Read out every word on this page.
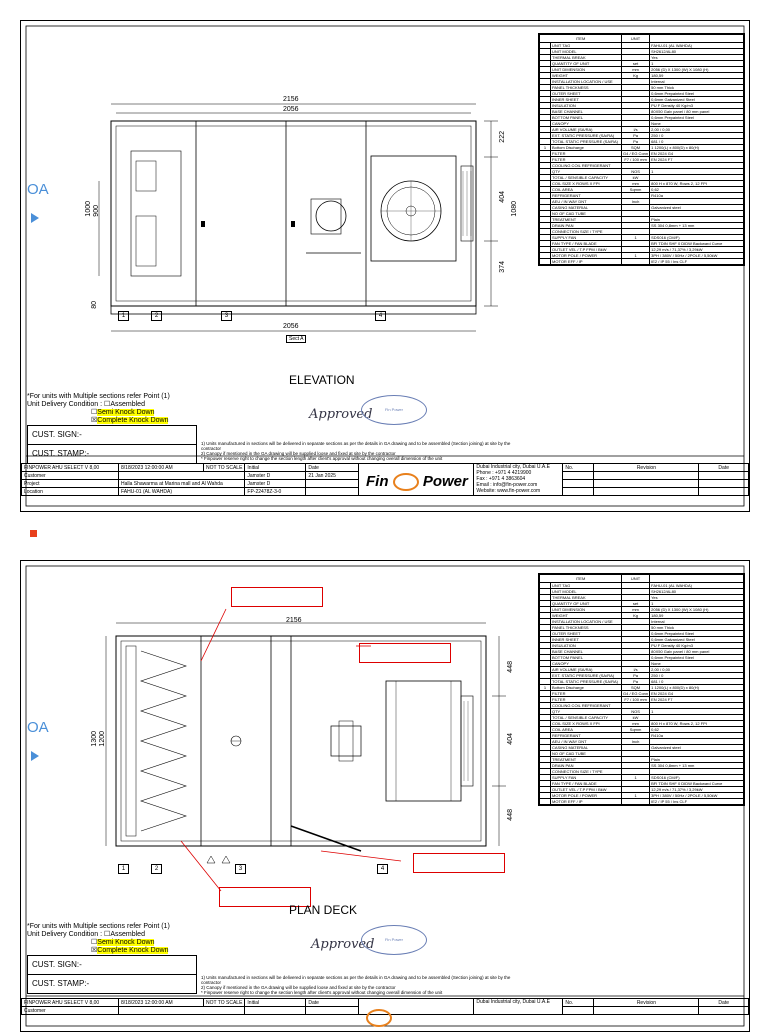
OA
2156
2056
2056
1000 900
80
222
404
374
1080
1	2	3	4
Sect A
ELEVATION
ITEM		UNIT	
	UNIT TAG		FAHU-01 (AL WAHDA)
	UNIT MODEL		SH2612/AL80
	THERMAL BREAK		Yes
	QUANTITY OF UNIT	set	1
	UNIT DIMENSION	mm	2056 (D) X 1300 (W) X 1080 (H)
	WEIGHT	Kg	180,59
	INSTALLATION LOCATION / USE		Internal
	PANEL THICKNESS		50 mm Thick
	OUTER SHEET		0,6mm Prepainted Steel
	INNER SHEET		0,6mm Galvanized Steel
	INSULATION		PU F Density 40 Kg/m3
	BASE CHANNEL		80X50 Galv panel / 80 mm panel
	BOTTOM PANEL		0,6mm Prepainted Steel
	CANOPY		None
	AIR VOLUME (SA/RA)	l/s	2,00 / 0,00
	EXT. STATIC PRESSURE (SA/RA)	Pa	250 / 0
	TOTAL STATIC PRESSURE (SA/RA)	Pa	681 / 0
1	Bottom Discharge	SQM	1 1200(L) x 800(D) x 80(H)
	FILTER	G4 / EG Conn	EN 2024 G4
	FILTER	F7 / 100 mm	EN 2024 F7
	COOLING COIL REFRIGERANT		
	QTY	NOS	1
	TOTAL / SENSIBLE CAPACITY	kW	
	COIL SIZE X ROWS X FPI	mm	800 H x 870 W, Rows 2, 12 FPI
	COIL AREA	Sqmm	0,62
	REFRIGERANT		R410a
	AEU / IN WAY DNT	Inch	
	CASING MATERIAL		Galvanized steel
	NO OF CAD TUBE		
	TREATMENT		Plain
	DRAIN PAN		SS 304 0,8mm + 13 mm
	CONNECTION SIZE / TYPE		
	SUPPLY FAN	1	SDS016 (CM/F)
	FAN TYPE / FAN BLADE		BFI TDIN SHF 0 DIDW Backward Curve
	OUTLET VEL / T.P FPM / BkW		12,29 m/s / 71,37% / 3,29kW
	MOTOR POLE / POWER	1	3PH / 380V / 50Hz / 2POLE / 5,50kW
	MOTOR EFF / IP		IE2 / IP 55 / Ins CLF
*For units with Multiple sections refer Point (1)
Unit Delivery Condition : ☐Assembled
☐Semi Knock Down
☒Complete Knock Down
CUST. SIGN:-
CUST. STAMP:-
Approved	Fin Power
1) Units manufactured in sections will be delivered in separate sections as per the details in GA drawing and to be assembled (Section joining) at site by the contractor
2) Canopy if mentioned in the GA drawing will be supplied loose and fixed at site by the contractor
* Finpower reserve right to change the section length after client's approval without changing overall dimension of the unit
FINPOWER AHU SELECT V 8,00	8/18/2023 12:00:00 AM	NOT TO SCALE	Initial	Date		Dubai Industrial city, Dubai U.A.E
Phone : +971 4 4219900
Fax : +971 4 3863604
Email : info@fin-power.com
Website: www.fin-power.com	No.	Revision	Date
Customer			Jamster D	21 Jan 2025					
Project	Halla Shawarma at Marina mall and Al Wahda		Jamster D						
Location	FAHU-01 (AL WAHDA)		FP-22478Z-3-0						
Fin Power
OA
2156
1300 1200
448
404
448
1	2	3	4
PLAN DECK
ITEM		UNIT	
	UNIT TAG		FAHU-01 (AL WAHDA)
	UNIT MODEL		SH2612/AL80
	THERMAL BREAK		Yes
	QUANTITY OF UNIT	set	1
	UNIT DIMENSION	mm	2056 (D) X 1300 (W) X 1080 (H)
	WEIGHT	Kg	180,59
	INSTALLATION LOCATION / USE		Internal
	PANEL THICKNESS		50 mm Thick
	OUTER SHEET		0,6mm Prepainted Steel
	INNER SHEET		0,6mm Galvanized Steel
	INSULATION		PU F Density 40 Kg/m3
	BASE CHANNEL		80X50 Galv panel / 80 mm panel
	BOTTOM PANEL		0,6mm Prepainted Steel
	CANOPY		None
	AIR VOLUME (SA/RA)	l/s	2,00 / 0,00
	EXT. STATIC PRESSURE (SA/RA)	Pa	250 / 0
	TOTAL STATIC PRESSURE (SA/RA)	Pa	681 / 0
1	Bottom Discharge	SQM	1 1200(L) x 800(D) x 80(H)
	FILTER	G4 / EG Conn	EN 2024 G4
	FILTER	F7 / 100 mm	EN 2024 F7
	COOLING COIL REFRIGERANT		
	QTY	NOS	1
	TOTAL / SENSIBLE CAPACITY	kW	
	COIL SIZE X ROWS X FPI	mm	800 H x 870 W, Rows 2, 12 FPI
	COIL AREA	Sqmm	0,62
	REFRIGERANT		R410a
	AEU / IN WAY DNT	Inch	
	CASING MATERIAL		Galvanized steel
	NO OF CAD TUBE		
	TREATMENT		Plain
	DRAIN PAN		SS 304 0,8mm + 13 mm
	CONNECTION SIZE / TYPE		
	SUPPLY FAN	1	SDS016 (CM/F)
	FAN TYPE / FAN BLADE		BFI TDIN SHF 0 DIDW Backward Curve
	OUTLET VEL / T.P FPM / BkW		12,29 m/s / 71,37% / 3,29kW
	MOTOR POLE / POWER	1	3PH / 380V / 50Hz / 2POLE / 5,50kW
	MOTOR EFF / IP		IE2 / IP 55 / Ins CLF
*For units with Multiple sections refer Point (1)
Unit Delivery Condition : ☐Assembled
☐Semi Knock Down
☒Complete Knock Down
CUST. SIGN:-
CUST. STAMP:-
Approved	Fin Power
1) Units manufactured in sections will be delivered in separate sections as per the details in GA drawing and to be assembled (Section joining) at site by the contractor
2) Canopy if mentioned in the GA drawing will be supplied loose and fixed at site by the contractor
* Finpower reserve right to change the section length after client's approval without changing overall dimension of the unit
FINPOWER AHU SELECT V 8,00	8/18/2023 12:00:00 AM	NOT TO SCALE	Initial	Date		Dubai Industrial city, Dubai U.A.E	No.	Revision	Date
Customer									
